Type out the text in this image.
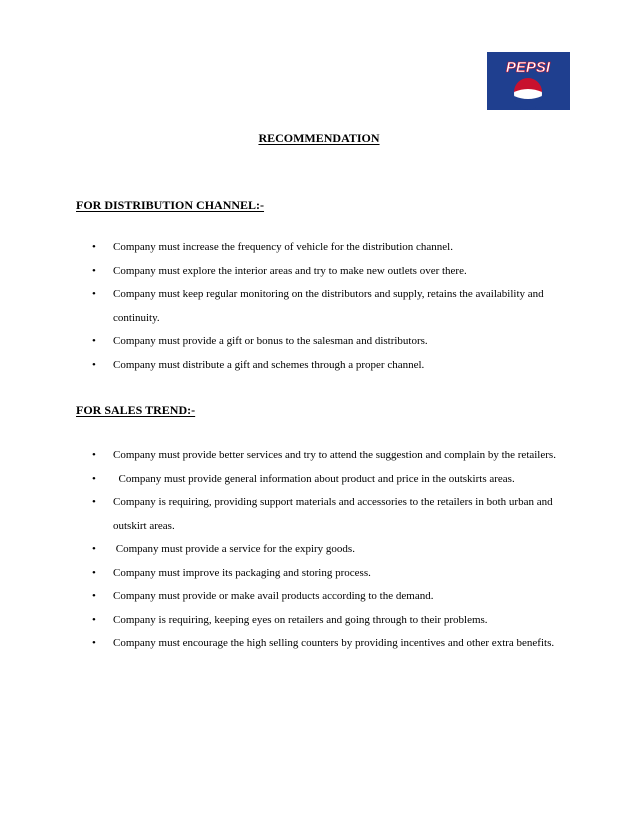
PEPSI
RECOMMENDATION
FOR DISTRIBUTION CHANNEL:-
• Company must increase the frequency of vehicle for the distribution channel.
• Company must explore the interior areas and try to make new outlets over there.
• Company must keep regular monitoring on the distributors and supply, retains the availability and continuity.
• Company must provide a gift or bonus to the salesman and distributors.
• Company must distribute a gift and schemes through a proper channel.
FOR SALES TREND:-
• Company must provide better services and try to attend the suggestion and complain by the retailers.
• Company must provide general information about product and price in the outskirts areas.
• Company is requiring, providing support materials and accessories to the retailers in both urban and outskirt areas.
• Company must provide a service for the expiry goods.
• Company must improve its packaging and storing process.
• Company must provide or make avail products according to the demand.
• Company is requiring, keeping eyes on retailers and going through to their problems.
• Company must encourage the high selling counters by providing incentives and other extra benefits.
